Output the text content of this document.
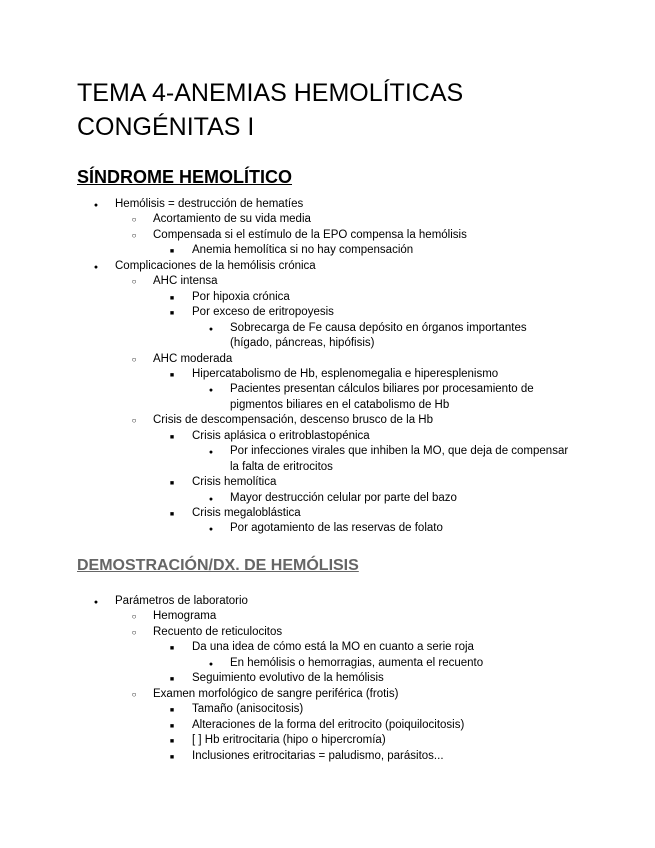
TEMA 4-ANEMIAS HEMOLÍTICAS
CONGÉNITAS I
SÍNDROME HEMOLÍTICO
●
Hemólisis = destrucción de hematíes
○
Acortamiento de su vida media
○
Compensada si el estímulo de la EPO compensa la hemólisis
■
Anemia hemolítica si no hay compensación
●
Complicaciones de la hemólisis crónica
○
AHC intensa
■
Por hipoxia crónica
■
Por exceso de eritropoyesis
●
Sobrecarga de Fe causa depósito en órganos importantes
(hígado, páncreas, hipófisis)
○
AHC moderada
■
Hipercatabolismo de Hb, esplenomegalia e hiperesplenismo
●
Pacientes presentan cálculos biliares por procesamiento de
pigmentos biliares en el catabolismo de Hb
○
Crisis de descompensación, descenso brusco de la Hb
■
Crisis aplásica o eritroblastopénica
●
Por infecciones virales que inhiben la MO, que deja de compensar
la falta de eritrocitos
■
Crisis hemolítica
●
Mayor destrucción celular por parte del bazo
■
Crisis megaloblástica
●
Por agotamiento de las reservas de folato
DEMOSTRACIÓN/DX. DE HEMÓLISIS
●
Parámetros de laboratorio
○
Hemograma
○
Recuento de reticulocitos
■
Da una idea de cómo está la MO en cuanto a serie roja
●
En hemólisis o hemorragias, aumenta el recuento
■
Seguimiento evolutivo de la hemólisis
○
Examen morfológico de sangre periférica (frotis)
■
Tamaño (anisocitosis)
■
Alteraciones de la forma del eritrocito (poiquilocitosis)
■
[ ] Hb eritrocitaria (hipo o hipercromía)
■
Inclusiones eritrocitarias = paludismo, parásitos...
